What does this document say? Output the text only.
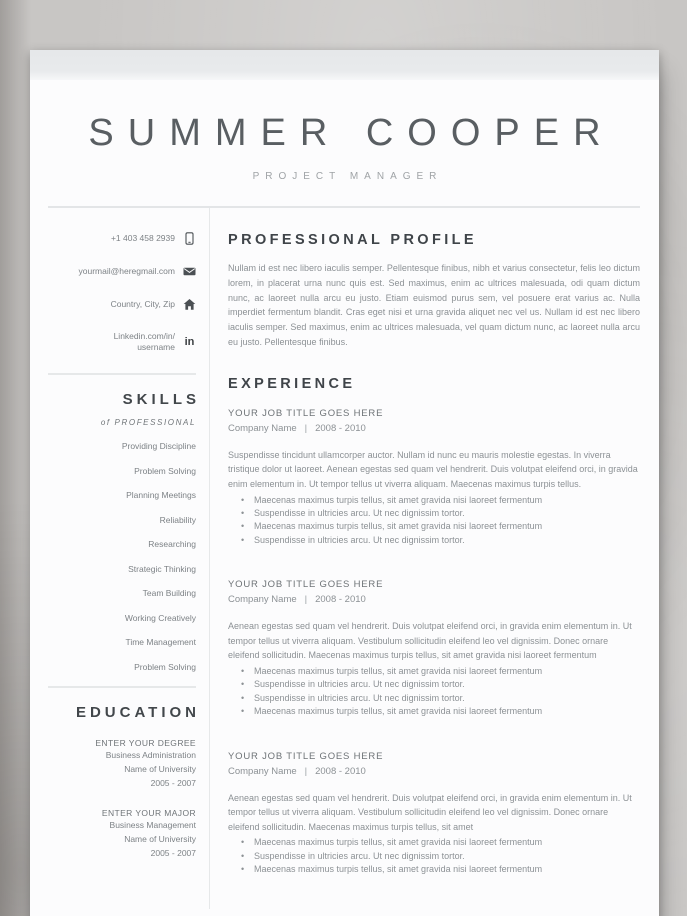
SUMMER COOPER
PROJECT MANAGER
+1 403 458 2939
yourmail@heregmail.com
Country, City, Zip
Linkedin.com/in/
username in
SKILLS
of PROFESSIONAL
Providing Discipline
Problem Solving
Planning Meetings
Reliability
Researching
Strategic Thinking
Team Building
Working Creatively
Time Management
Problem Solving
EDUCATION
ENTER YOUR DEGREE
Business Administration
Name of University
2005 - 2007
ENTER YOUR MAJOR
Business Management
Name of University
2005 - 2007
PROFESSIONAL PROFILE

Nullam id est nec libero iaculis semper. Pellentesque finibus, nibh et varius consectetur, felis leo dictum lorem, in placerat urna nunc quis est. Sed maximus, enim ac ultrices malesuada, odi quam dictum nunc, ac laoreet nulla arcu eu justo. Etiam euismod purus sem, vel posuere erat varius ac. Nulla imperdiet fermentum blandit. Cras eget nisi et urna gravida aliquet nec vel us. Nullam id est nec libero iaculis semper. Sed maximus, enim ac ultrices malesuada, vel quam dictum nunc, ac laoreet nulla arcu eu justo. Pellentesque finibus.

EXPERIENCE
YOUR JOB TITLE GOES HERE
Company Name | 2008 - 2010

Suspendisse tincidunt ullamcorper auctor. Nullam id nunc eu mauris molestie egestas. In viverra tristique dolor ut laoreet. Aenean egestas sed quam vel hendrerit. Duis volutpat eleifend orci, in gravida enim elementum in. Ut tempor tellus ut viverra aliquam. Maecenas maximus turpis tellus.

• Maecenas maximus turpis tellus, sit amet gravida nisi laoreet fermentum
• Suspendisse in ultricies arcu. Ut nec dignissim tortor.
• Maecenas maximus turpis tellus, sit amet gravida nisi laoreet fermentum
• Suspendisse in ultricies arcu. Ut nec dignissim tortor.
YOUR JOB TITLE GOES HERE
Company Name | 2008 - 2010

Aenean egestas sed quam vel hendrerit. Duis volutpat eleifend orci, in gravida enim elementum in. Ut tempor tellus ut viverra aliquam. Vestibulum sollicitudin eleifend leo vel dignissim. Donec ornare eleifend sollicitudin. Maecenas maximus turpis tellus, sit amet gravida nisi laoreet fermentum

• Maecenas maximus turpis tellus, sit amet gravida nisi laoreet fermentum
• Suspendisse in ultricies arcu. Ut nec dignissim tortor.
• Suspendisse in ultricies arcu. Ut nec dignissim tortor.
• Maecenas maximus turpis tellus, sit amet gravida nisi laoreet fermentum
YOUR JOB TITLE GOES HERE
Company Name | 2008 - 2010

Aenean egestas sed quam vel hendrerit. Duis volutpat eleifend orci, in gravida enim elementum in. Ut tempor tellus ut viverra aliquam. Vestibulum sollicitudin eleifend leo vel dignissim. Donec ornare eleifend sollicitudin. Maecenas maximus turpis tellus, sit amet

• Maecenas maximus turpis tellus, sit amet gravida nisi laoreet fermentum
• Suspendisse in ultricies arcu. Ut nec dignissim tortor.
• Maecenas maximus turpis tellus, sit amet gravida nisi laoreet fermentum
